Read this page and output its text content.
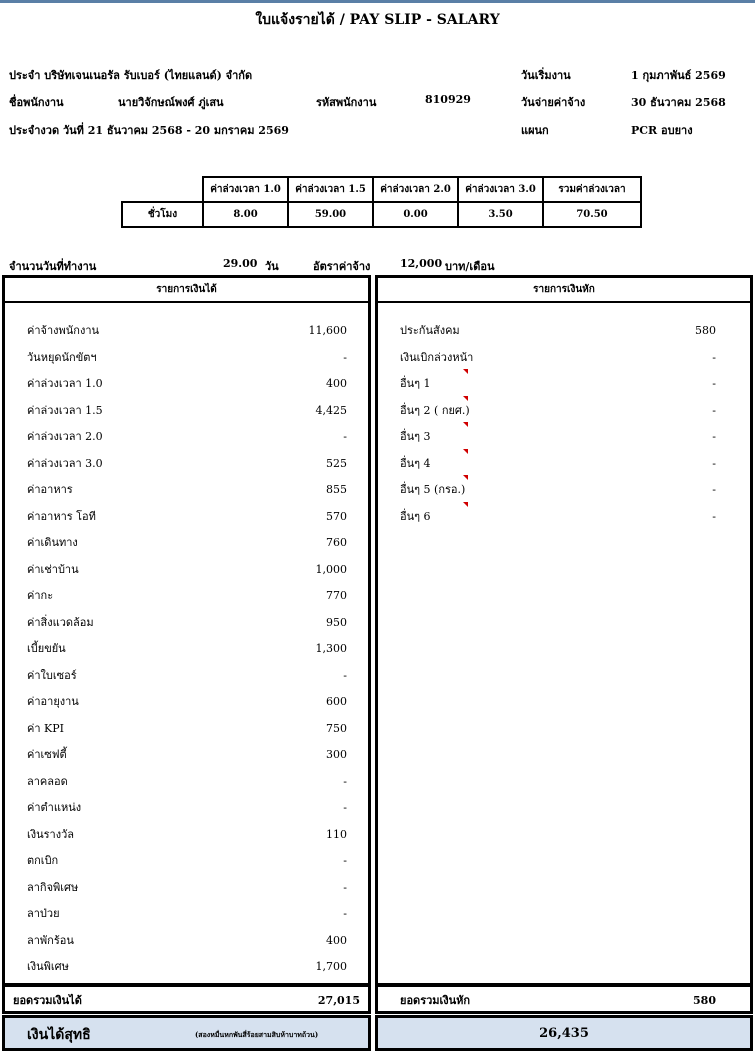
ใบแจ้งรายได้ / PAY SLIP - SALARY
ประจำ บริษัทเจนเนอรัล รับเบอร์ (ไทยแลนด์) จำกัด
ชื่อพนักงาน	นายวิจักษณ์พงศ์ ภู่เสน	รหัสพนักงาน	810929
ประจำงวด วันที่ 21 ธันวาคม 2568 - 20 มกราคม 2569
วันเริ่มงาน	1 กุมภาพันธ์ 2569
วันจ่ายค่าจ้าง	30 ธันวาคม 2568
แผนก	PCR อบยาง
	ค่าล่วงเวลา 1.0	ค่าล่วงเวลา 1.5	ค่าล่วงเวลา 2.0	ค่าล่วงเวลา 3.0	รวมค่าล่วงเวลา
ชั่วโมง	8.00	59.00	0.00	3.50	70.50
จำนวนวันที่ทำงาน	29.00 วัน	อัตราค่าจ้าง	12,000 บาท/เดือน
รายการเงินได้
ค่าจ้างพนักงาน	11,600
วันหยุดนักขัตฯ	-
ค่าล่วงเวลา 1.0	400
ค่าล่วงเวลา 1.5	4,425
ค่าล่วงเวลา 2.0	-
ค่าล่วงเวลา 3.0	525
ค่าอาหาร	855
ค่าอาหาร โอที	570
ค่าเดินทาง	760
ค่าเช่าบ้าน	1,000
ค่ากะ	770
ค่าสิ่งแวดล้อม	950
เบี้ยขยัน	1,300
ค่าใบเซอร์	-
ค่าอายุงาน	600
ค่า KPI	750
ค่าเซฟตี้	300
ลาคลอด	-
ค่าตำแหน่ง	-
เงินรางวัล	110
ตกเบิก	-
ลากิจพิเศษ	-
ลาป่วย	-
ลาพักร้อน	400
เงินพิเศษ	1,700
รายการเงินหัก
ประกันสังคม	580
เงินเบิกล่วงหน้า	-
อื่นๆ 1	-
อื่นๆ 2 ( กยศ.)	-
อื่นๆ 3	-
อื่นๆ 4	-
อื่นๆ 5 (กรอ.)	-
อื่นๆ 6	-
ยอดรวมเงินได้	27,015	ยอดรวมเงินหัก	580
เงินได้สุทธิ	(สองหมื่นหกพันสี่ร้อยสามสิบห้าบาทถ้วน)	26,435
